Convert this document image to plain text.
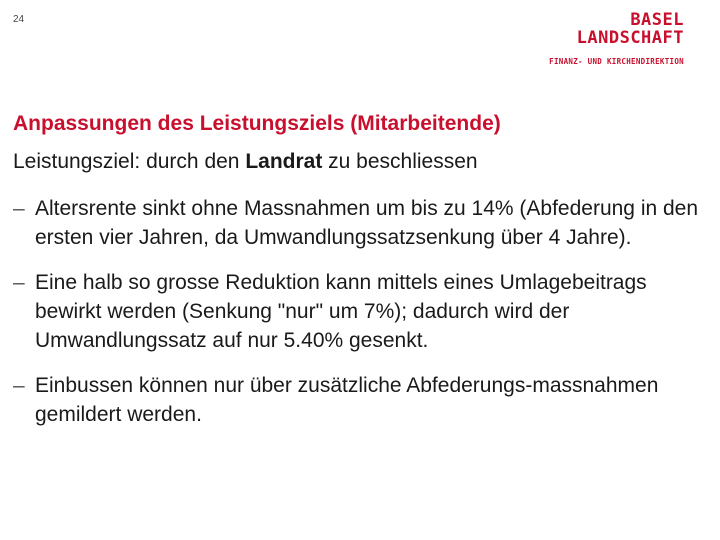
24	BASEL
LANDSCHAFT
FINANZ- UND KIRCHENDIREKTION
Anpassungen des Leistungsziels (Mitarbeitende)
Leistungsziel: durch den Landrat zu beschliessen
– Altersrente sinkt ohne Massnahmen um bis zu 14% (Abfederung in den ersten vier Jahren, da Umwandlungssatzsenkung über 4 Jahre).
– Eine halb so grosse Reduktion kann mittels eines Umlagebeitrags bewirkt werden (Senkung "nur" um 7%); dadurch wird der Umwandlungssatz auf nur 5.40% gesenkt.
– Einbussen können nur über zusätzliche Abfederungs-massnahmen gemildert werden.
